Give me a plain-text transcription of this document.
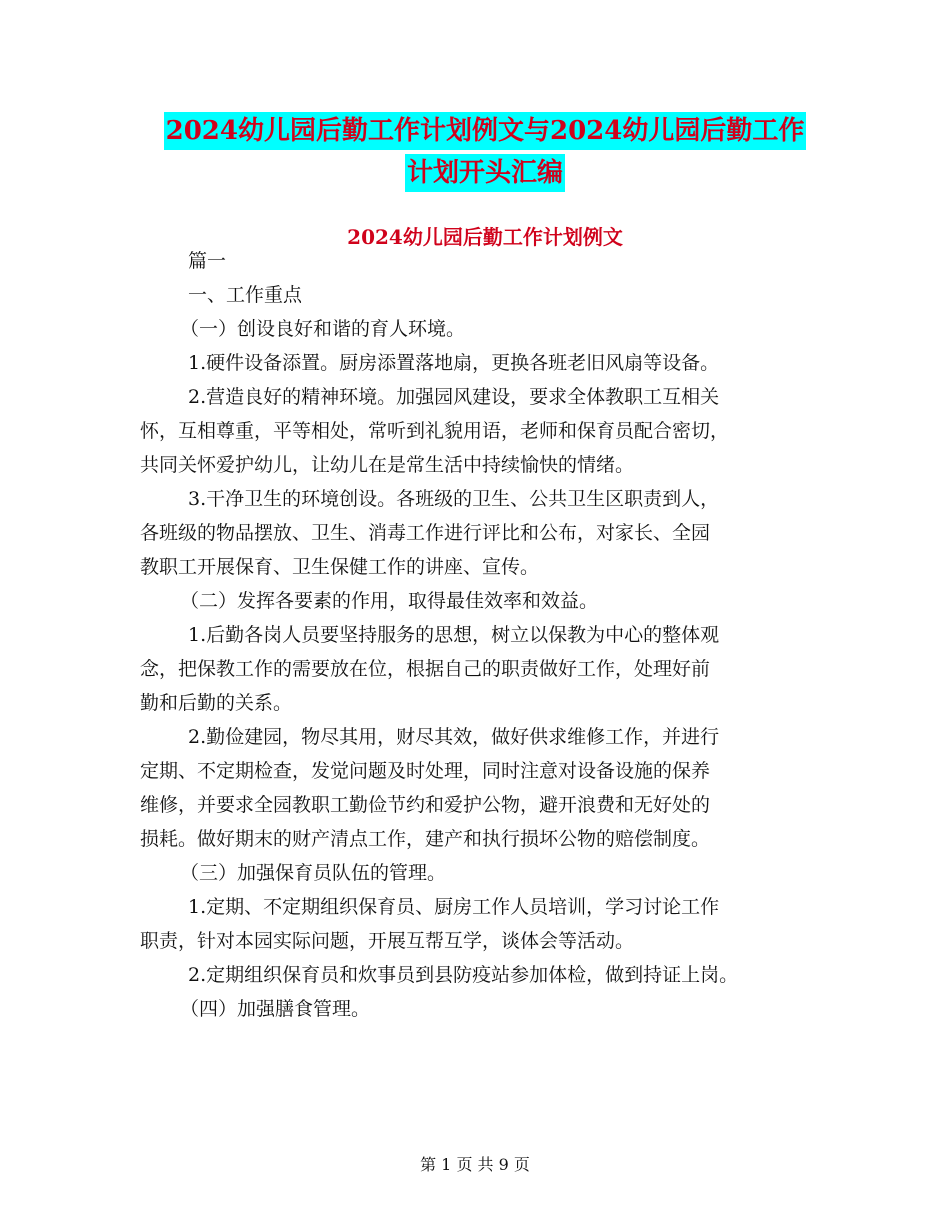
2024幼儿园后勤工作计划例文与2024幼儿园后勤工作
计划开头汇编
2024幼儿园后勤工作计划例文

篇一

一、工作重点

（一）创设良好和谐的育人环境。

1.硬件设备添置。厨房添置落地扇，更换各班老旧风扇等设备。

2.营造良好的精神环境。加强园风建设，要求全体教职工互相关

怀，互相尊重，平等相处，常听到礼貌用语，老师和保育员配合密切，

共同关怀爱护幼儿，让幼儿在是常生活中持续愉快的情绪。

3.干净卫生的环境创设。各班级的卫生、公共卫生区职责到人，

各班级的物品摆放、卫生、消毒工作进行评比和公布，对家长、全园

教职工开展保育、卫生保健工作的讲座、宣传。

（二）发挥各要素的作用，取得最佳效率和效益。

1.后勤各岗人员要坚持服务的思想，树立以保教为中心的整体观

念，把保教工作的需要放在位，根据自己的职责做好工作，处理好前

勤和后勤的关系。

2.勤俭建园，物尽其用，财尽其效，做好供求维修工作，并进行

定期、不定期检查，发觉问题及时处理，同时注意对设备设施的保养

维修，并要求全园教职工勤俭节约和爱护公物，避开浪费和无好处的

损耗。做好期末的财产清点工作，建产和执行损坏公物的赔偿制度。

（三）加强保育员队伍的管理。

1.定期、不定期组织保育员、厨房工作人员培训，学习讨论工作

职责，针对本园实际问题，开展互帮互学，谈体会等活动。

2.定期组织保育员和炊事员到县防疫站参加体检，做到持证上岗。

（四）加强膳食管理。

第 1 页 共 9 页
